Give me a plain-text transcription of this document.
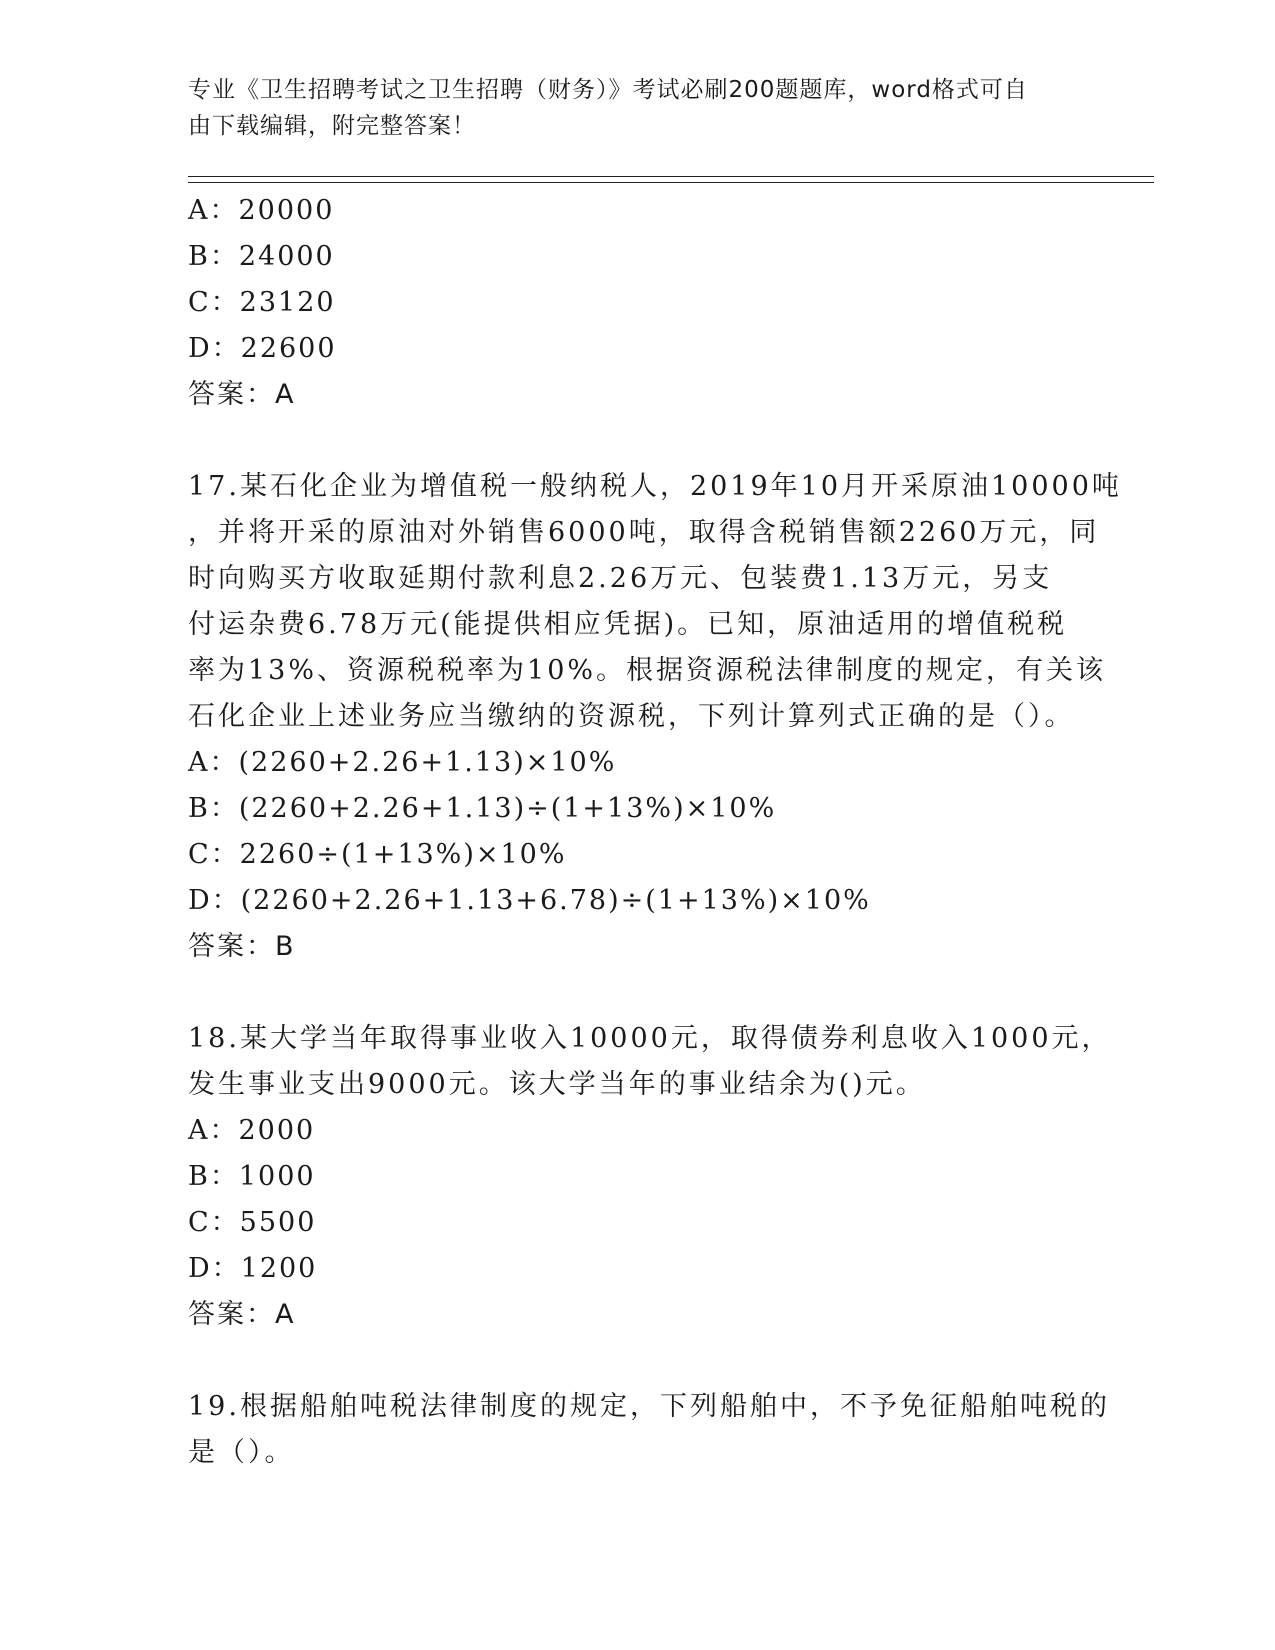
专业《卫生招聘考试之卫生招聘（财务）》考试必刷200题题库，word格式可自
由下载编辑，附完整答案！
A：20000
B：24000
C：23120
D：22600
答案：A
17.某石化企业为增值税一般纳税人，2019年10月开采原油10000吨
，并将开采的原油对外销售6000吨，取得含税销售额2260万元，同
时向购买方收取延期付款利息2.26万元、包装费1.13万元，另支
付运杂费6.78万元(能提供相应凭据)。已知，原油适用的增值税税
率为13%、资源税税率为10%。根据资源税法律制度的规定，有关该
石化企业上述业务应当缴纳的资源税，下列计算列式正确的是（）。
A：(2260+2.26+1.13)×10%
B：(2260+2.26+1.13)÷(1+13%)×10%
C：2260÷(1+13%)×10%
D：(2260+2.26+1.13+6.78)÷(1+13%)×10%
答案：B
18.某大学当年取得事业收入10000元，取得债券利息收入1000元，
发生事业支出9000元。该大学当年的事业结余为()元。
A：2000
B：1000
C：5500
D：1200
答案：A
19.根据船舶吨税法律制度的规定，下列船舶中，不予免征船舶吨税的
是（）。
